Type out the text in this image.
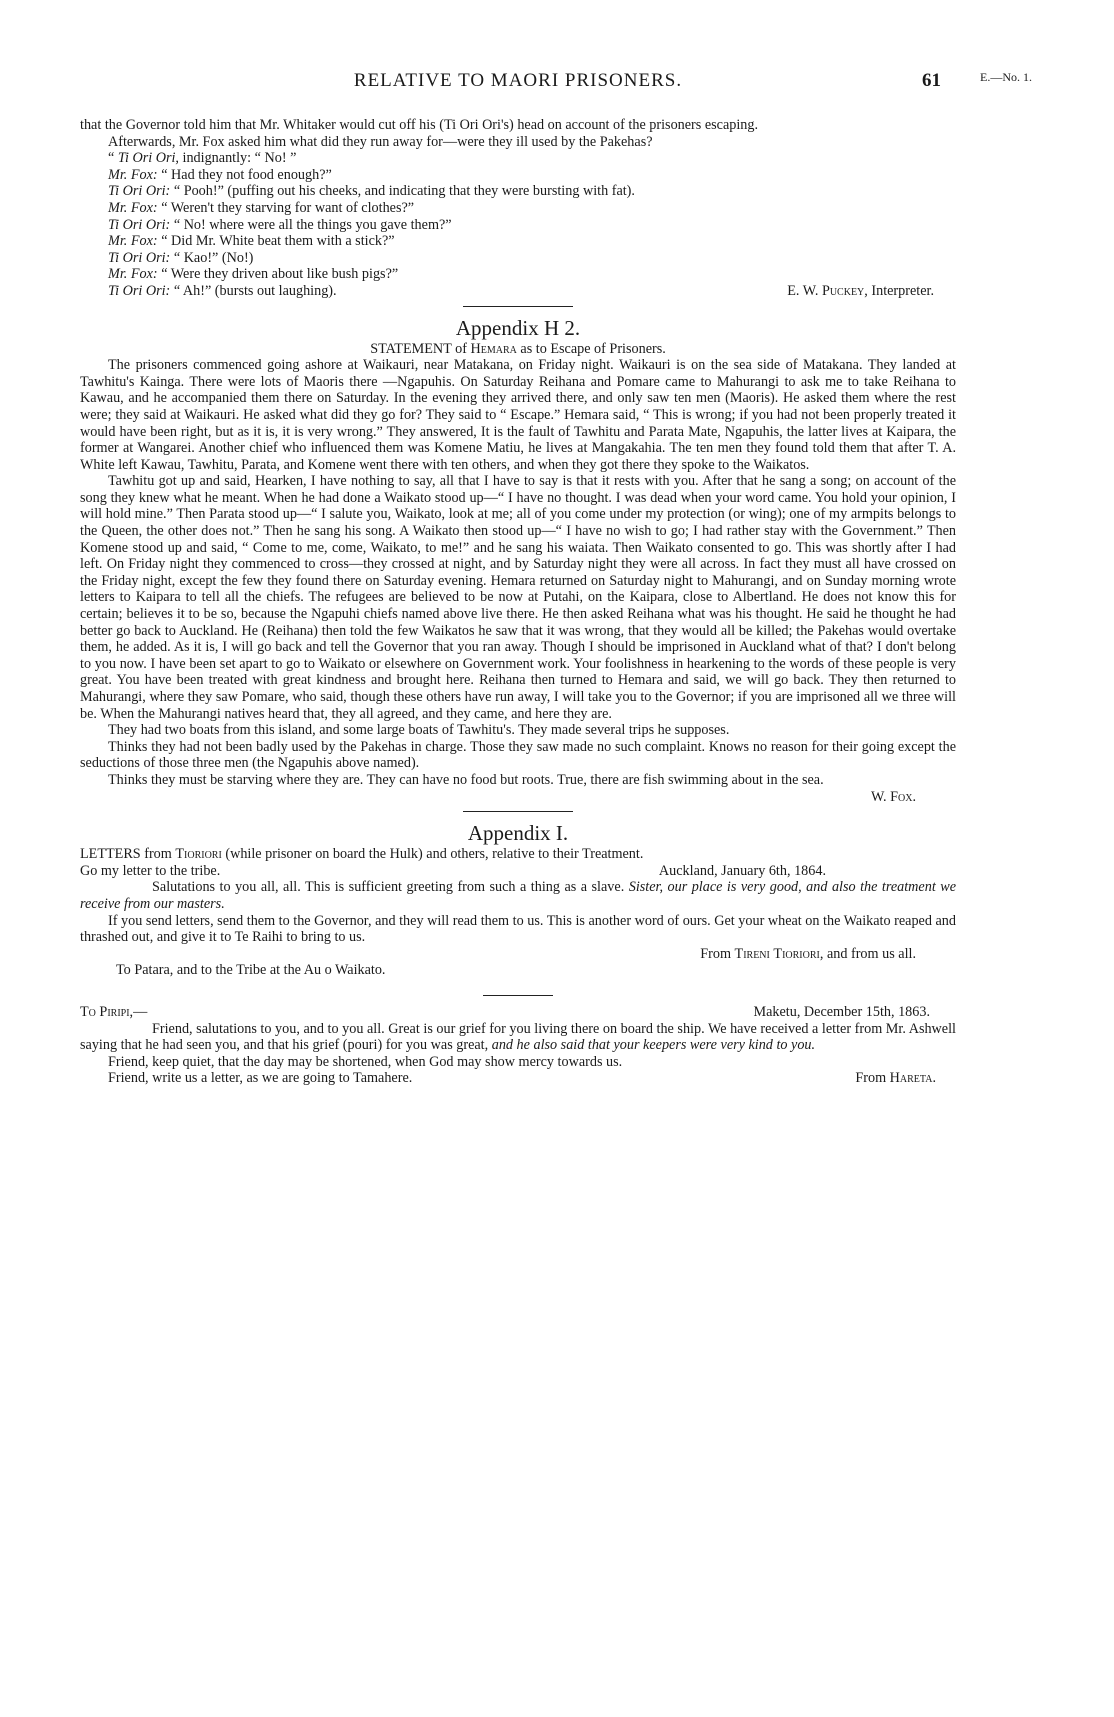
RELATIVE TO MAORI PRISONERS.	61	E.—No. 1.

that the Governor told him that Mr. Whitaker would cut off his (Ti Ori Ori's) head on account of the prisoners escaping.

Afterwards, Mr. Fox asked him what did they run away for—were they ill used by the Pakehas?

“ Ti Ori Ori, indignantly: “ No! ”

Mr. Fox: “ Had they not food enough?”

Ti Ori Ori: “ Pooh!” (puffing out his cheeks, and indicating that they were bursting with fat).

Mr. Fox: “ Weren't they starving for want of clothes?”

Ti Ori Ori: “ No! where were all the things you gave them?”

Mr. Fox: “ Did Mr. White beat them with a stick?”

Ti Ori Ori: “ Kao!” (No!)

Mr. Fox: “ Were they driven about like bush pigs?”

Ti Ori Ori: “ Ah!” (bursts out laughing).	E. W. Puckey, Interpreter.

Appendix H 2.

STATEMENT of Hemara as to Escape of Prisoners.

The prisoners commenced going ashore at Waikauri, near Matakana, on Friday night. Waikauri is on the sea side of Matakana. They landed at Tawhitu's Kainga. There were lots of Maoris there —Ngapuhis. On Saturday Reihana and Pomare came to Mahurangi to ask me to take Reihana to Kawau, and he accompanied them there on Saturday. In the evening they arrived there, and only saw ten men (Maoris). He asked them where the rest were; they said at Waikauri. He asked what did they go for? They said to “ Escape.” Hemara said, “ This is wrong; if you had not been properly treated it would have been right, but as it is, it is very wrong.” They answered, It is the fault of Tawhitu and Parata Mate, Ngapuhis, the latter lives at Kaipara, the former at Wangarei. Another chief who influenced them was Komene Matiu, he lives at Mangakahia. The ten men they found told them that after T. A. White left Kawau, Tawhitu, Parata, and Komene went there with ten others, and when they got there they spoke to the Waikatos.

Tawhitu got up and said, Hearken, I have nothing to say, all that I have to say is that it rests with you. After that he sang a song; on account of the song they knew what he meant. When he had done a Waikato stood up—“ I have no thought. I was dead when your word came. You hold your opinion, I will hold mine.” Then Parata stood up—“ I salute you, Waikato, look at me; all of you come under my protection (or wing); one of my armpits belongs to the Queen, the other does not.” Then he sang his song. A Waikato then stood up—“ I have no wish to go; I had rather stay with the Government.” Then Komene stood up and said, “ Come to me, come, Waikato, to me!” and he sang his waiata. Then Waikato consented to go. This was shortly after I had left. On Friday night they commenced to cross—they crossed at night, and by Saturday night they were all across. In fact they must all have crossed on the Friday night, except the few they found there on Saturday evening. Hemara returned on Saturday night to Mahurangi, and on Sunday morning wrote letters to Kaipara to tell all the chiefs. The refugees are believed to be now at Putahi, on the Kaipara, close to Albertland. He does not know this for certain; believes it to be so, because the Ngapuhi chiefs named above live there. He then asked Reihana what was his thought. He said he thought he had better go back to Auckland. He (Reihana) then told the few Waikatos he saw that it was wrong, that they would all be killed; the Pakehas would overtake them, he added. As it is, I will go back and tell the Governor that you ran away. Though I should be imprisoned in Auckland what of that? I don't belong to you now. I have been set apart to go to Waikato or elsewhere on Government work. Your foolishness in hearkening to the words of these people is very great. You have been treated with great kindness and brought here. Reihana then turned to Hemara and said, we will go back. They then returned to Mahurangi, where they saw Pomare, who said, though these others have run away, I will take you to the Governor; if you are imprisoned all we three will be. When the Mahurangi natives heard that, they all agreed, and they came, and here they are.

They had two boats from this island, and some large boats of Tawhitu's. They made several trips he supposes.

Thinks they had not been badly used by the Pakehas in charge. Those they saw made no such complaint. Knows no reason for their going except the seductions of those three men (the Ngapuhis above named).

Thinks they must be starving where they are. They can have no food but roots. True, there are fish swimming about in the sea.

W. Fox.

Appendix I.

LETTERS from Tioriori (while prisoner on board the Hulk) and others, relative to their Treatment.

Go my letter to the tribe.	Auckland, January 6th, 1864.

Salutations to you all, all. This is sufficient greeting from such a thing as a slave. Sister, our place is very good, and also the treatment we receive from our masters.

If you send letters, send them to the Governor, and they will read them to us. This is another word of ours. Get your wheat on the Waikato reaped and thrashed out, and give it to Te Raihi to bring to us.

From Tirenі Tioriori, and from us all.

To Patara, and to the Tribe at the Au o Waikato.

To Piripi,—	Maketu, December 15th, 1863.

Friend, salutations to you, and to you all. Great is our grief for you living there on board the ship. We have received a letter from Mr. Ashwell saying that he had seen you, and that his grief (pouri) for you was great, and he also said that your keepers were very kind to you.

Friend, keep quiet, that the day may be shortened, when God may show mercy towards us.

Friend, write us a letter, as we are going to Tamahere.	From Hareta.
